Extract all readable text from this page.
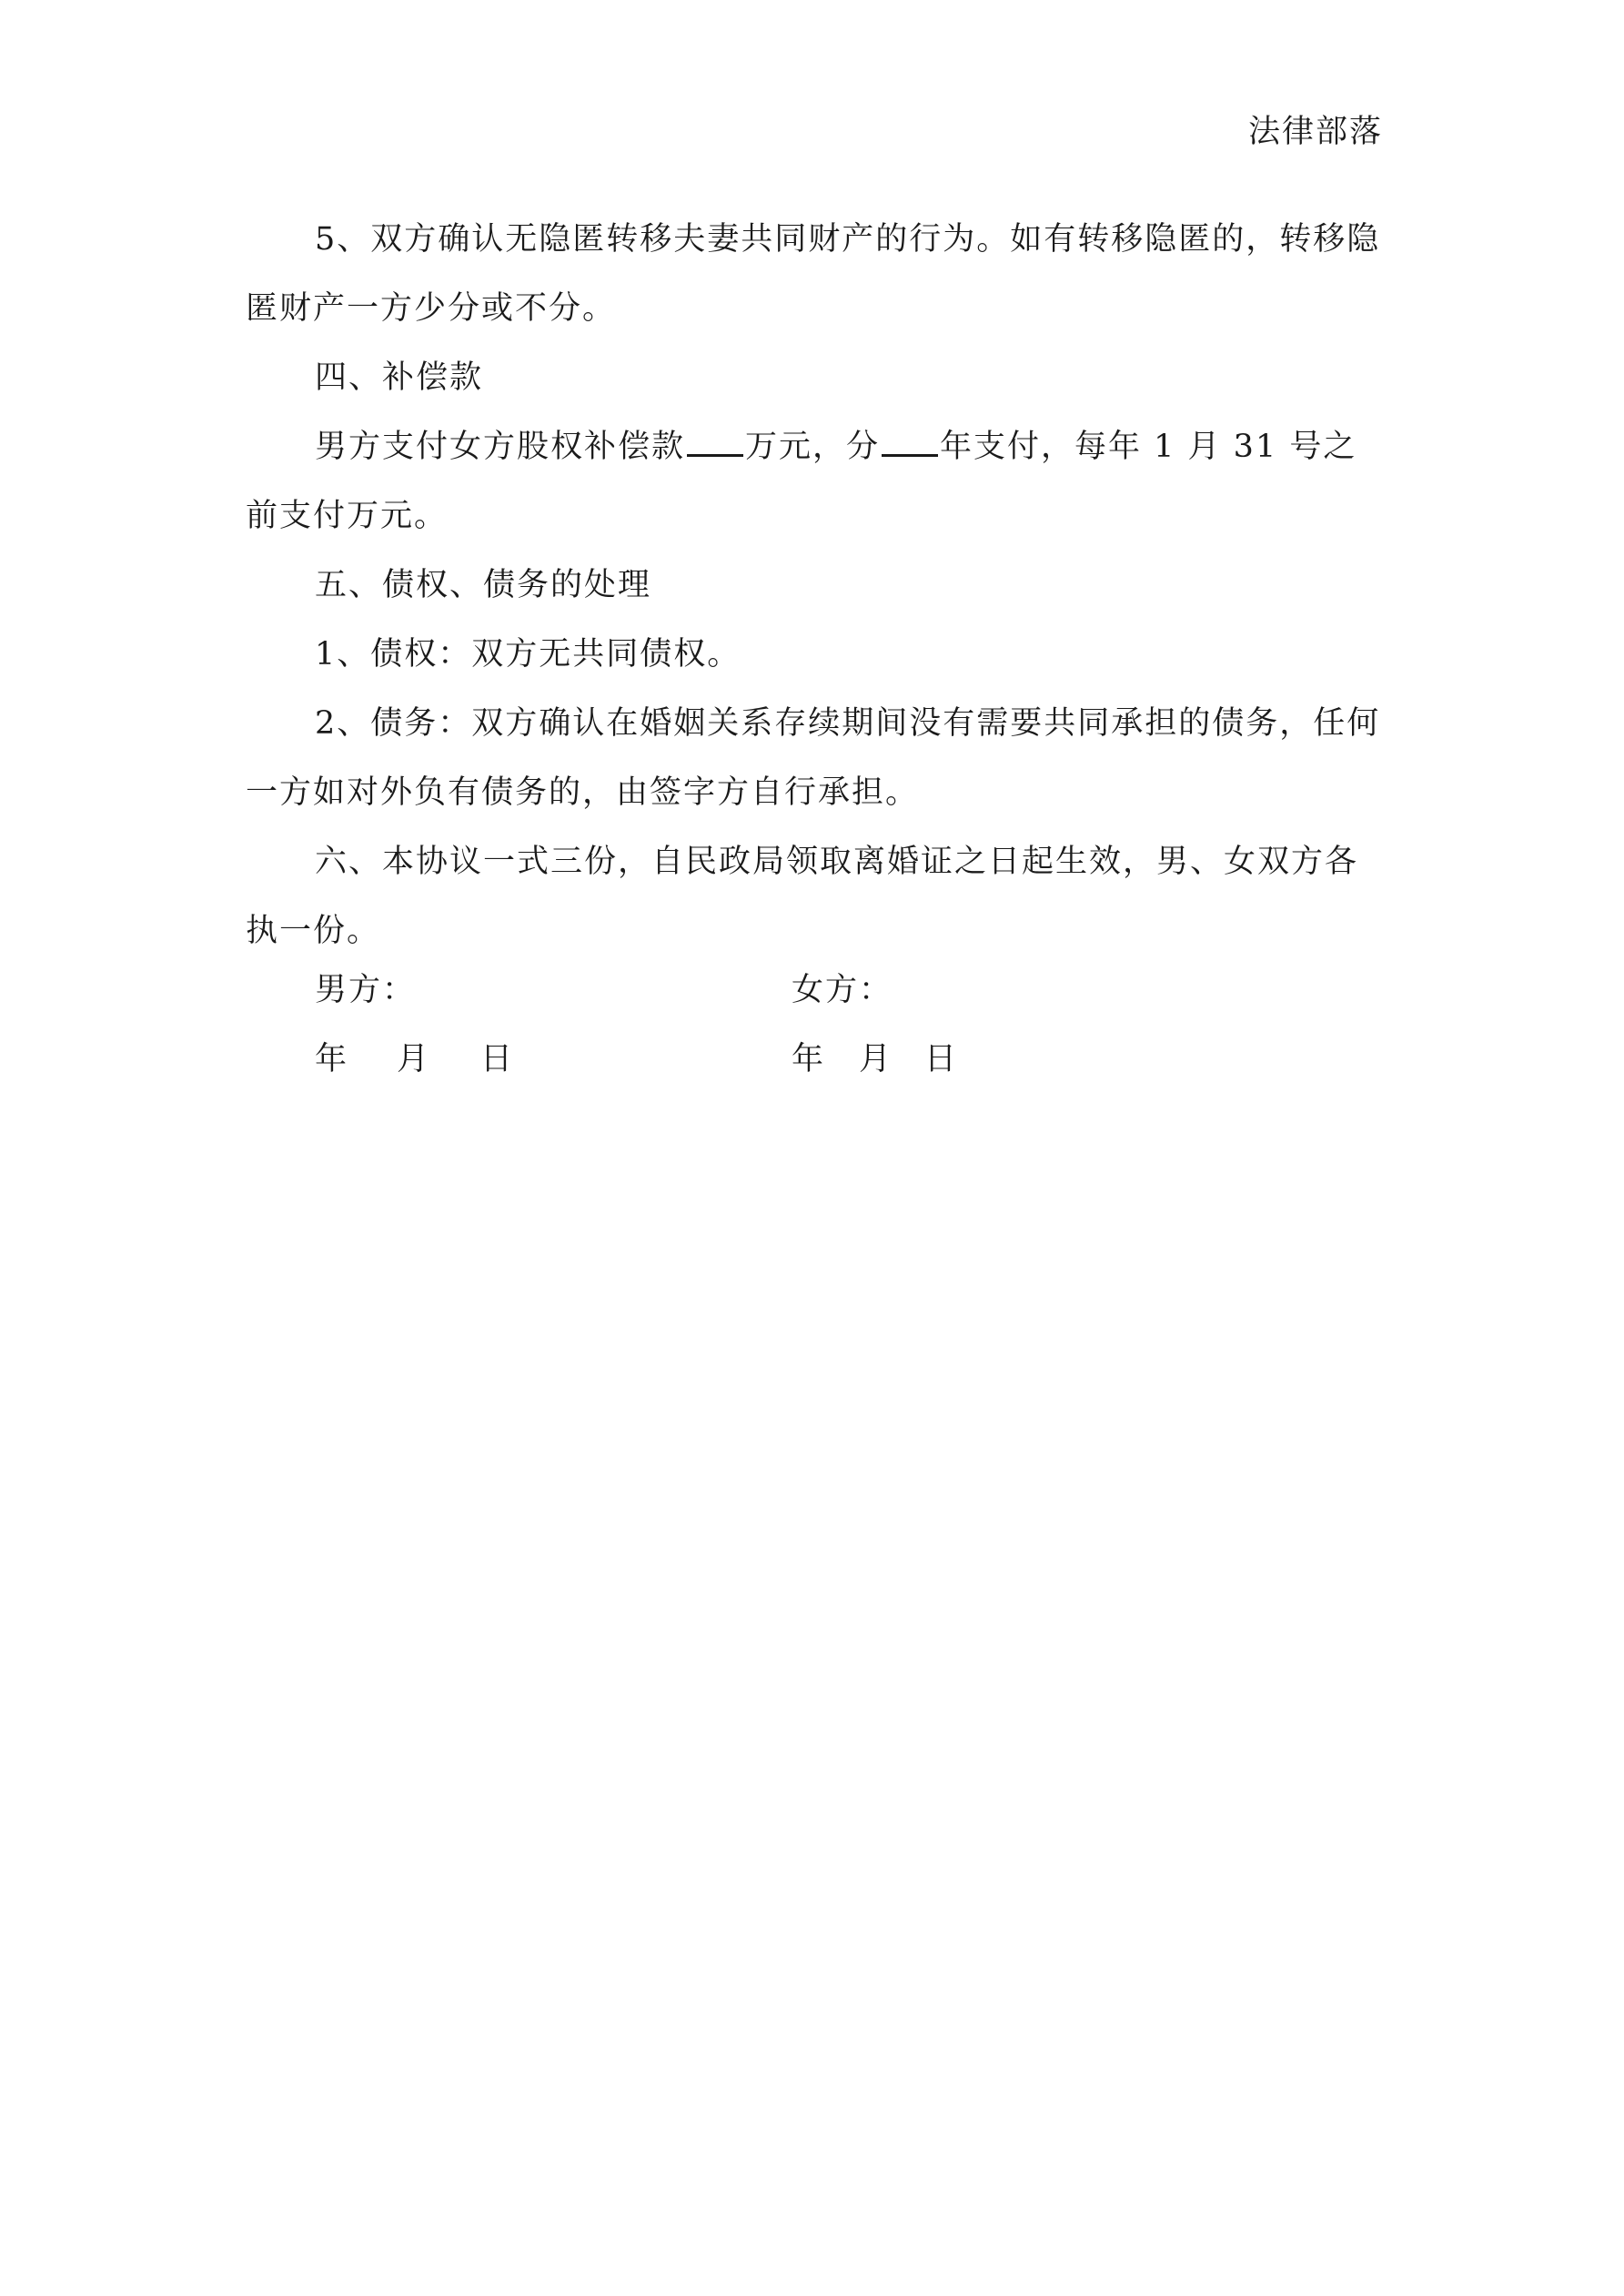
法律部落

5、双方确认无隐匿转移夫妻共同财产的行为。如有转移隐匿的，转移隐匿财产一方少分或不分。

四、补偿款

男方支付女方股权补偿款 万元，分 年支付，每年 1 月 31 号之前支付万元。

五、债权、债务的处理

1、债权：双方无共同债权。

2、债务：双方确认在婚姻关系存续期间没有需要共同承担的债务，任何一方如对外负有债务的，由签字方自行承担。

六、本协议一式三份，自民政局领取离婚证之日起生效，男、女双方各执一份。

男方：	女方：
年 月 日	年 月 日
